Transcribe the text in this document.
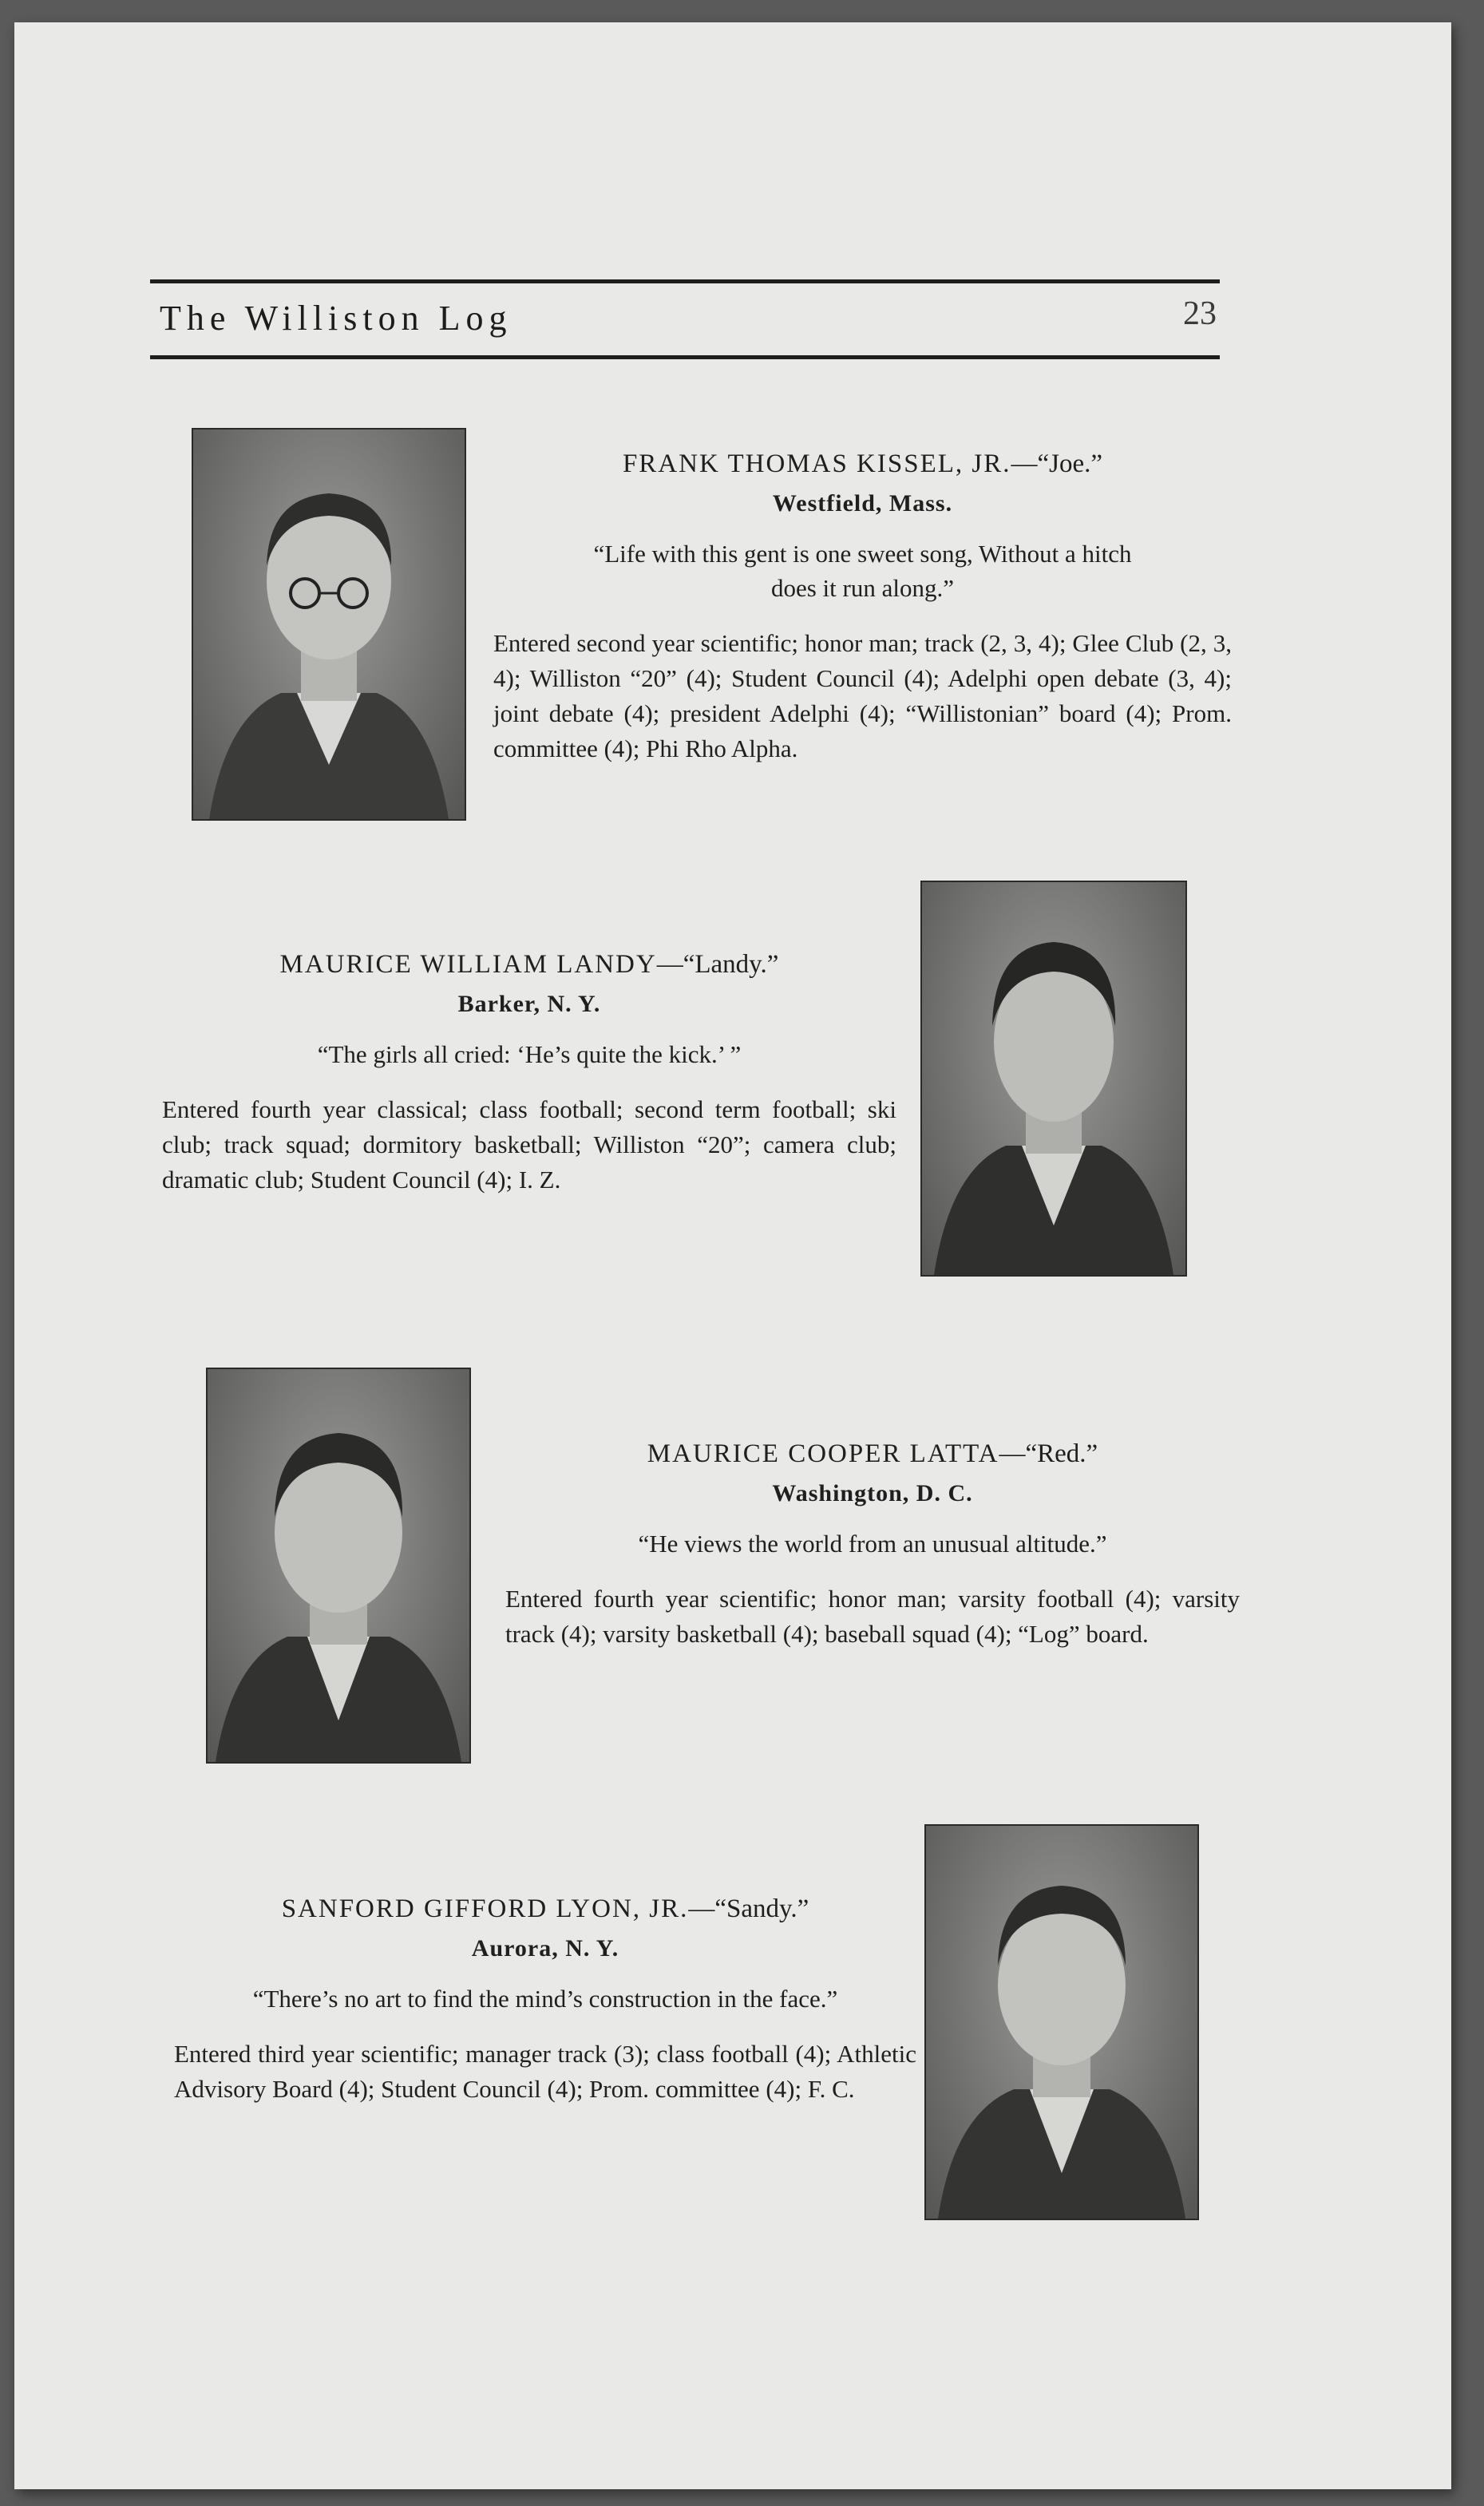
The Williston Log	23

FRANK THOMAS KISSEL, JR.—“Joe.”

Westfield, Mass.

“Life with this gent is one sweet song, Without a hitch does it run along.”

Entered second year scientific; honor man; track (2, 3, 4); Glee Club (2, 3, 4); Williston “20” (4); Student Council (4); Adelphi open debate (3, 4); joint debate (4); president Adelphi (4); “Willistonian” board (4); Prom. committee (4); Phi Rho Alpha.

MAURICE WILLIAM LANDY—“Landy.”

Barker, N. Y.

“The girls all cried: ‘He’s quite the kick.’ ”

Entered fourth year classical; class football; second term football; ski club; track squad; dormitory basketball; Williston “20”; camera club; dramatic club; Student Council (4); I. Z.

MAURICE COOPER LATTA—“Red.”

Washington, D. C.

“He views the world from an unusual altitude.”

Entered fourth year scientific; honor man; varsity football (4); varsity track (4); varsity basketball (4); baseball squad (4); “Log” board.

SANFORD GIFFORD LYON, JR.—“Sandy.”

Aurora, N. Y.

“There’s no art to find the mind’s construction in the face.”

Entered third year scientific; manager track (3); class football (4); Athletic Advisory Board (4); Student Council (4); Prom. committee (4); F. C.
